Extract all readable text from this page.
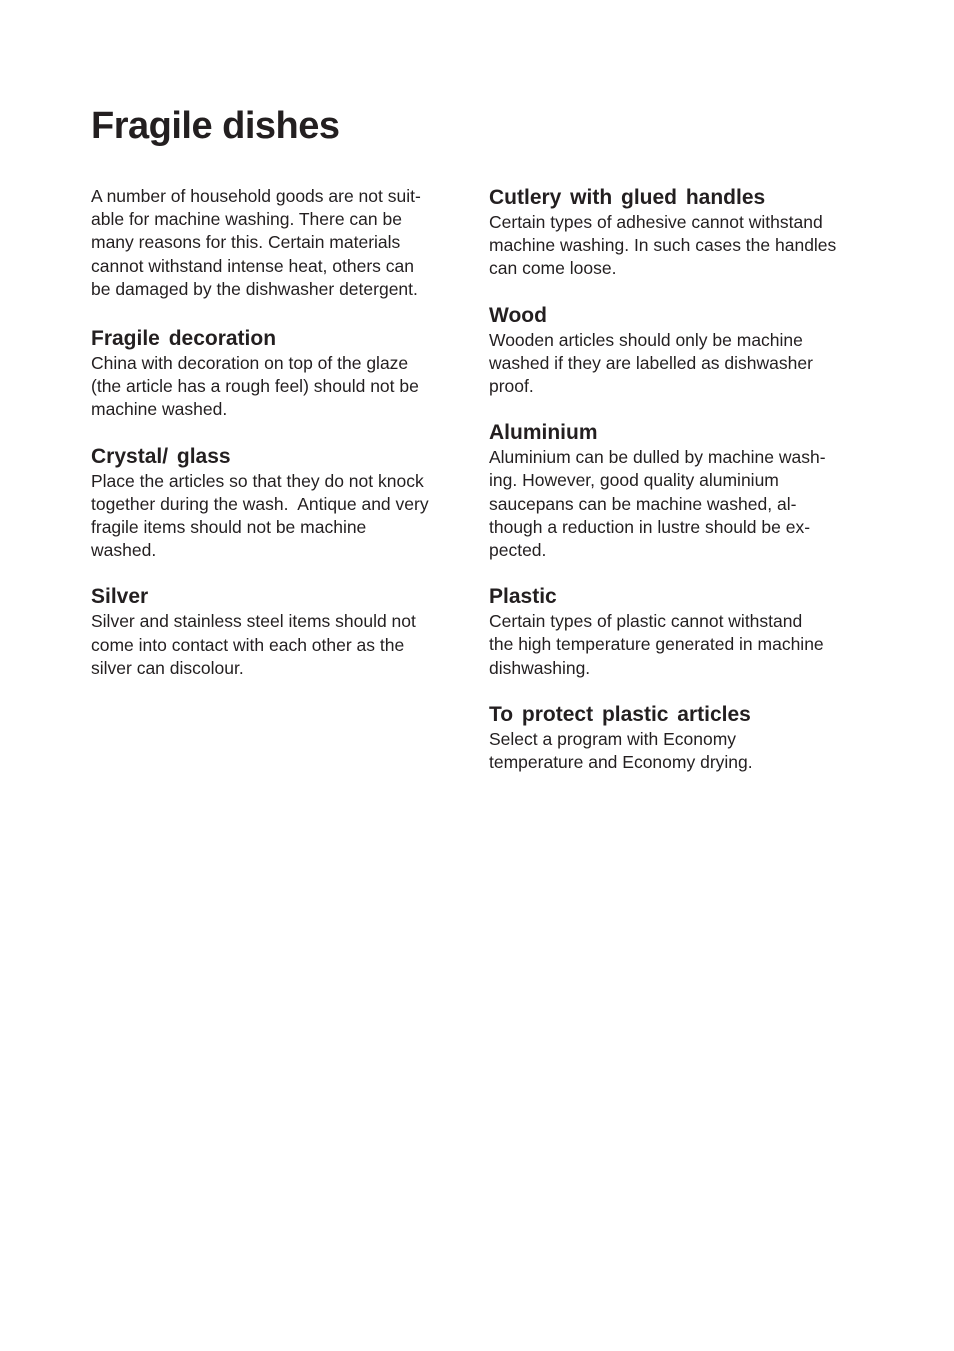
Fragile dishes

A number of household goods are not suit-
able for machine washing. There can be
many reasons for this. Certain materials
cannot withstand intense heat, others can
be damaged by the dishwasher detergent.

Fragile decoration

China with decoration on top of the glaze
(the article has a rough feel) should not be
machine washed.

Crystal/ glass

Place the articles so that they do not knock
together during the wash.  Antique and very
fragile items should not be machine
washed.

Silver

Silver and stainless steel items should not
come into contact with each other as the
silver can discolour.

Cutlery with glued handles

Certain types of adhesive cannot withstand
machine washing. In such cases the handles
can come loose.

Wood

Wooden articles should only be machine
washed if they are labelled as dishwasher
proof.

Aluminium

Aluminium can be dulled by machine wash-
ing. However, good quality aluminium
saucepans can be machine washed, al-
though a reduction in lustre should be ex-
pected.

Plastic

Certain types of plastic cannot withstand
the high temperature generated in machine
dishwashing.

To protect plastic articles

Select a program with Economy
temperature and Economy drying.
